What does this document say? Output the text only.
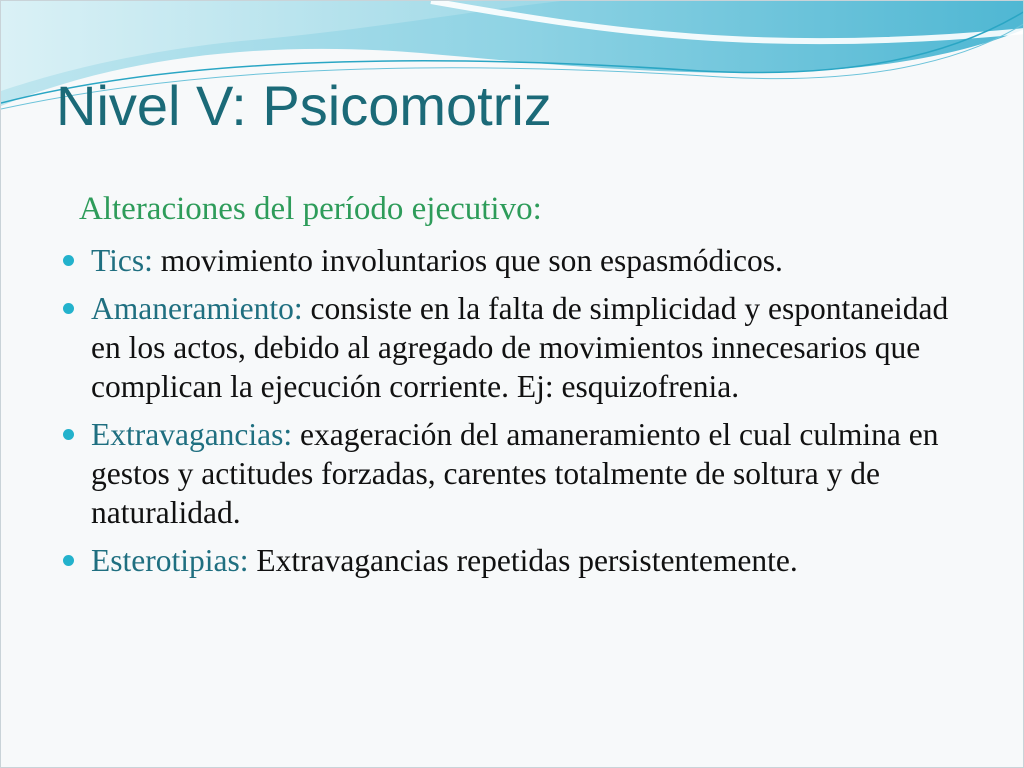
Nivel V: Psicomotriz
Alteraciones del período ejecutivo:
Tics: movimiento involuntarios que son espasmódicos.
Amaneramiento: consiste en la falta de simplicidad y espontaneidad en los actos, debido al agregado de movimientos innecesarios que complican la ejecución corriente. Ej: esquizofrenia.
Extravagancias: exageración del amaneramiento el cual culmina en gestos y actitudes forzadas, carentes totalmente de soltura y de naturalidad.
Esterotipias: Extravagancias repetidas persistentemente.
